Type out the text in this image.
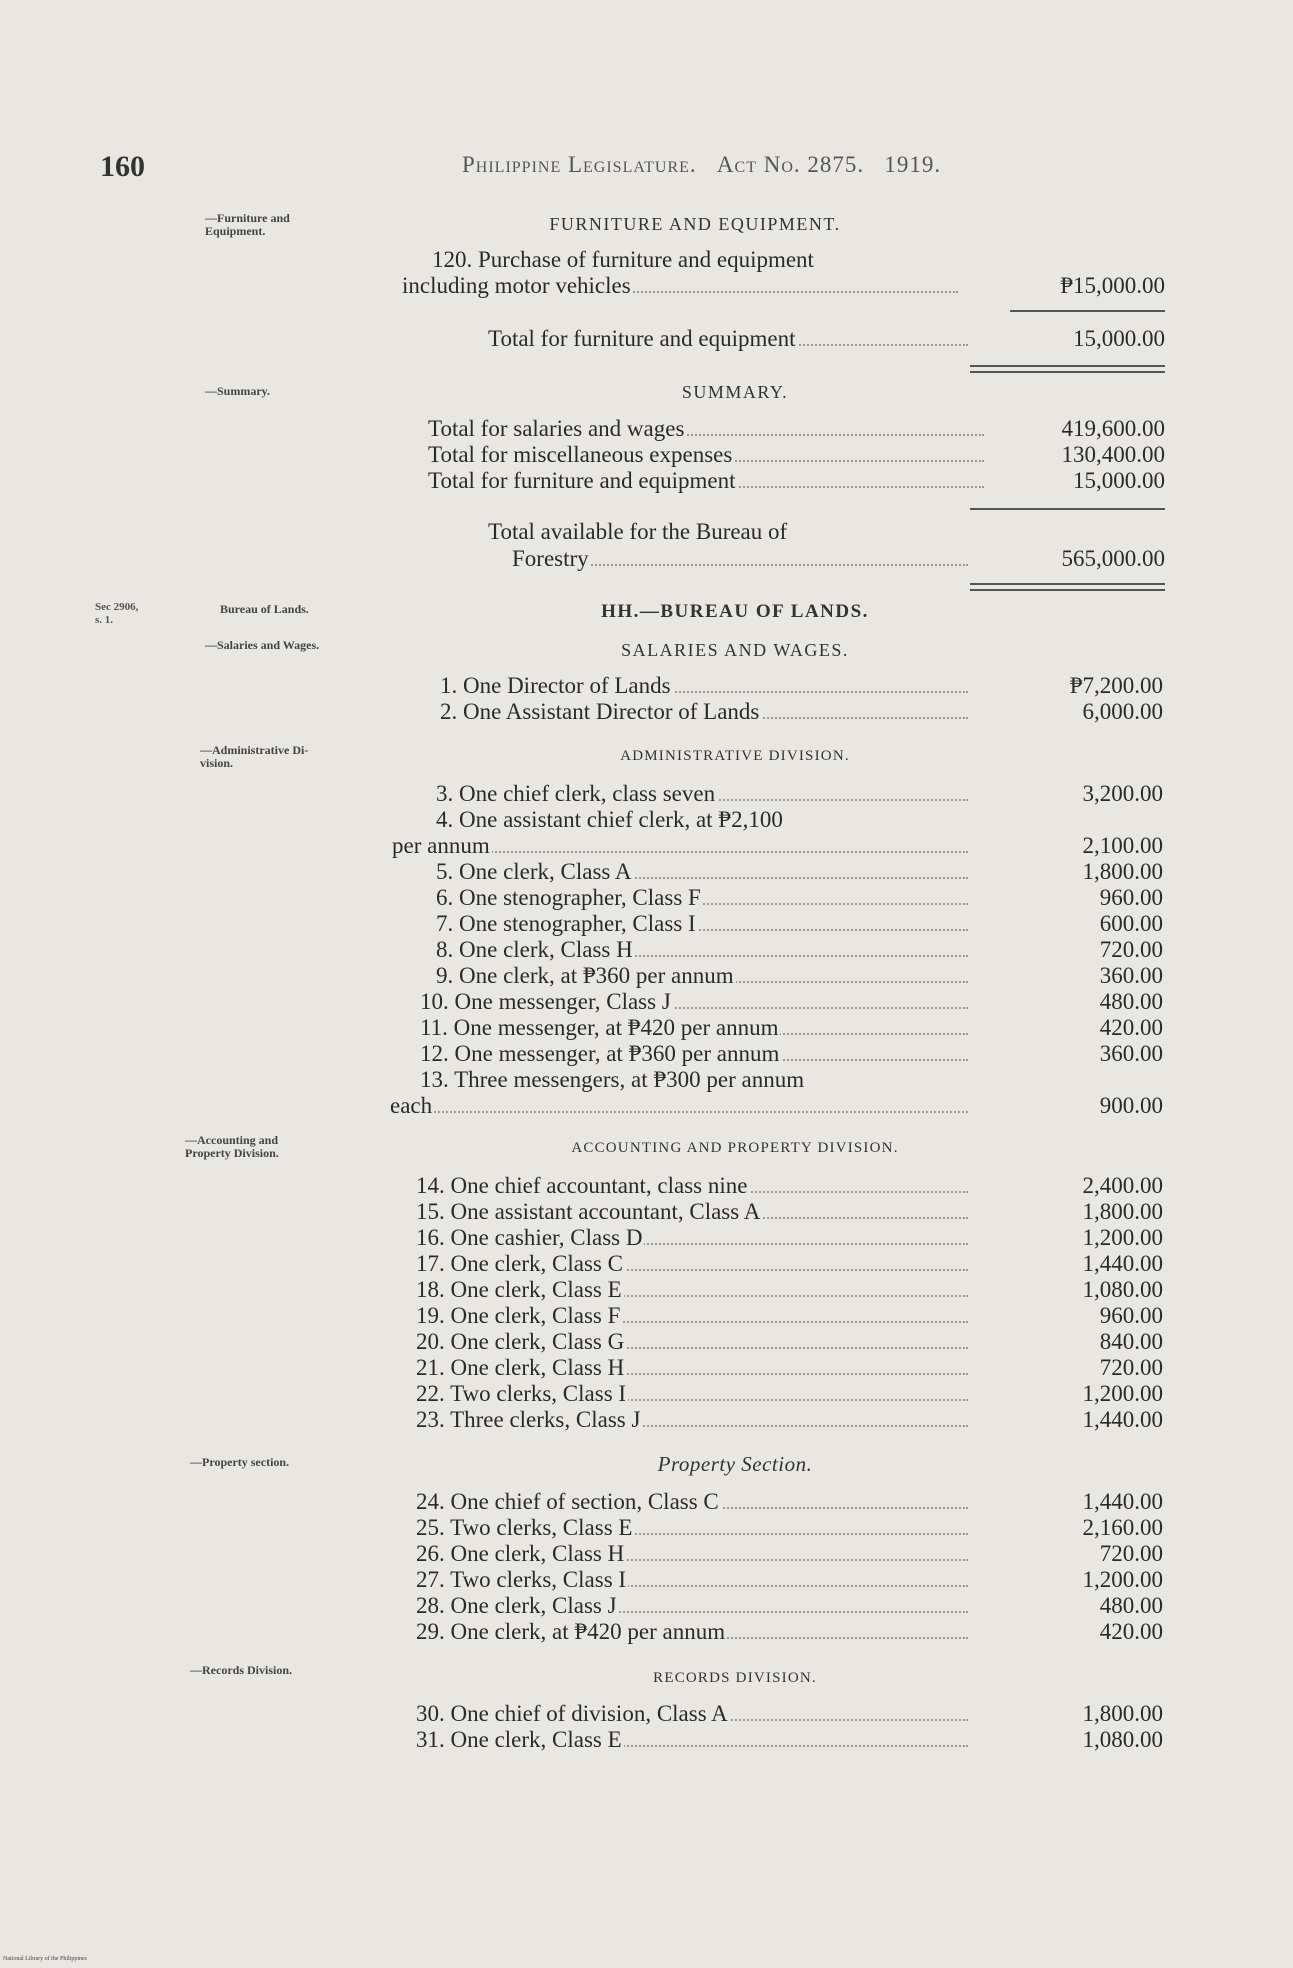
160	Philippine Legislature. Act No. 2875. 1919.
—Furniture and
Equipment.
—Summary.
Sec 2906,
s. 1.
Bureau of Lands.
—Salaries and Wages.
—Administrative Di-
vision.
—Accounting and
Property Division.
—Property section.
—Records Division.
FURNITURE AND EQUIPMENT.
120. Purchase of furniture and equipment
including motor vehicles	₱15,000.00
Total for furniture and equipment	15,000.00
SUMMARY.
Total for salaries and wages	419,600.00
Total for miscellaneous expenses	130,400.00
Total for furniture and equipment	15,000.00
Total available for the Bureau of
Forestry	565,000.00
HH.—BUREAU OF LANDS.
SALARIES AND WAGES.
1. One Director of Lands	₱7,200.00
2. One Assistant Director of Lands	6,000.00
ADMINISTRATIVE DIVISION.
3. One chief clerk, class seven	3,200.00
4. One assistant chief clerk, at ₱2,100
per annum	2,100.00
5. One clerk, Class A	1,800.00
6. One stenographer, Class F	960.00
7. One stenographer, Class I	600.00
8. One clerk, Class H	720.00
9. One clerk, at ₱360 per annum	360.00
10. One messenger, Class J	480.00
11. One messenger, at ₱420 per annum	420.00
12. One messenger, at ₱360 per annum	360.00
13. Three messengers, at ₱300 per annum
each	900.00
ACCOUNTING AND PROPERTY DIVISION.
14. One chief accountant, class nine	2,400.00
15. One assistant accountant, Class A	1,800.00
16. One cashier, Class D	1,200.00
17. One clerk, Class C	1,440.00
18. One clerk, Class E	1,080.00
19. One clerk, Class F	960.00
20. One clerk, Class G	840.00
21. One clerk, Class H	720.00
22. Two clerks, Class I	1,200.00
23. Three clerks, Class J	1,440.00
Property Section.
24. One chief of section, Class C	1,440.00
25. Two clerks, Class E	2,160.00
26. One clerk, Class H	720.00
27. Two clerks, Class I	1,200.00
28. One clerk, Class J	480.00
29. One clerk, at ₱420 per annum	420.00
RECORDS DIVISION.
30. One chief of division, Class A	1,800.00
31. One clerk, Class E	1,080.00
National Library of the Philippines
